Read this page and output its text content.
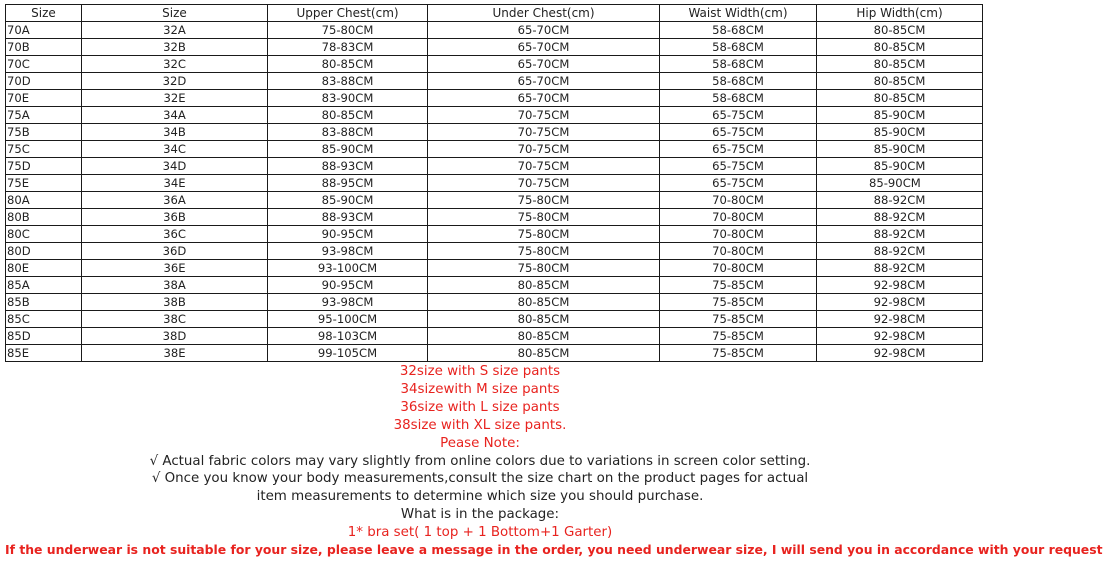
Size	Size	Upper Chest(cm)	Under Chest(cm)	Waist Width(cm)	Hip Width(cm)
70A	32A	75-80CM	65-70CM	58-68CM	80-85CM
70B	32B	78-83CM	65-70CM	58-68CM	80-85CM
70C	32C	80-85CM	65-70CM	58-68CM	80-85CM
70D	32D	83-88CM	65-70CM	58-68CM	80-85CM
70E	32E	83-90CM	65-70CM	58-68CM	80-85CM
75A	34A	80-85CM	70-75CM	65-75CM	85-90CM
75B	34B	83-88CM	70-75CM	65-75CM	85-90CM
75C	34C	85-90CM	70-75CM	65-75CM	85-90CM
75D	34D	88-93CM	70-75CM	65-75CM	85-90CM
75E	34E	88-95CM	70-75CM	65-75CM	85-90CM
80A	36A	85-90CM	75-80CM	70-80CM	88-92CM
80B	36B	88-93CM	75-80CM	70-80CM	88-92CM
80C	36C	90-95CM	75-80CM	70-80CM	88-92CM
80D	36D	93-98CM	75-80CM	70-80CM	88-92CM
80E	36E	93-100CM	75-80CM	70-80CM	88-92CM
85A	38A	90-95CM	80-85CM	75-85CM	92-98CM
85B	38B	93-98CM	80-85CM	75-85CM	92-98CM
85C	38C	95-100CM	80-85CM	75-85CM	92-98CM
85D	38D	98-103CM	80-85CM	75-85CM	92-98CM
85E	38E	99-105CM	80-85CM	75-85CM	92-98CM
32size with S size pants
34sizewith M size pants
36size with L size pants
38size with XL size pants.
Pease Note:
√ Actual fabric colors may vary slightly from online colors due to variations in screen color setting.
√ Once you know your body measurements,consult the size chart on the product pages for actual
item measurements to determine which size you should purchase.
What is in the package:
1* bra set( 1 top + 1 Bottom+1 Garter)
If the underwear is not suitable for your size, please leave a message in the order, you need underwear size, I will send you in accordance with your request
